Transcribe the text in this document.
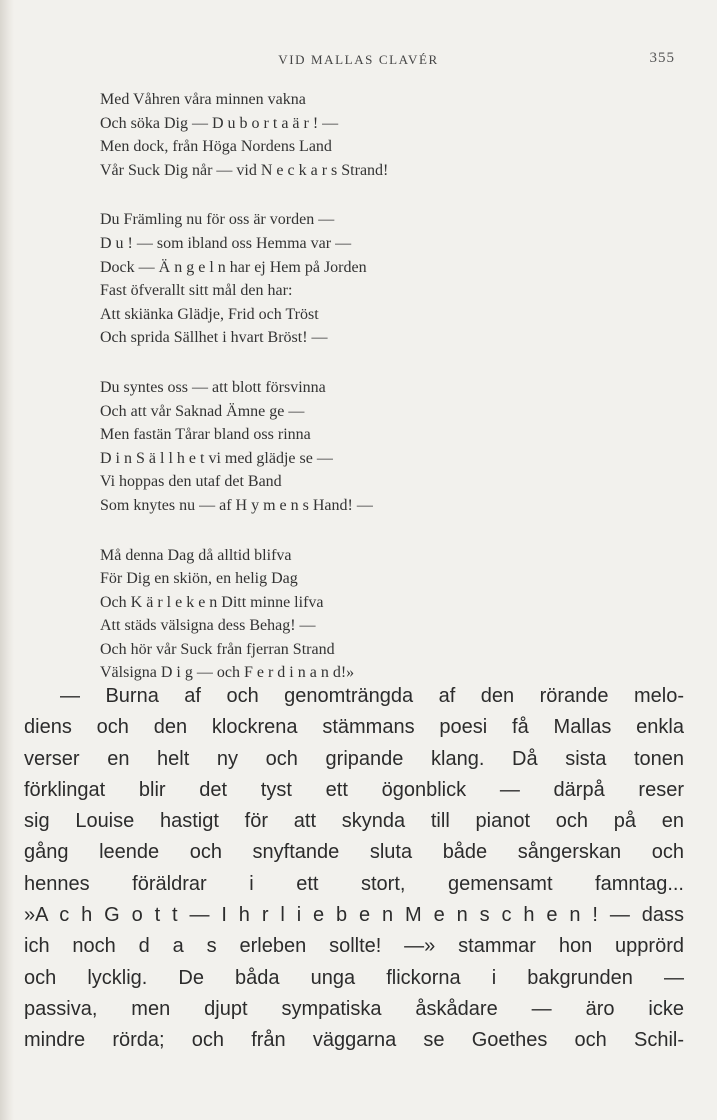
VID MALLAS CLAVÉR	355
Med Våhren våra minnen vakna
Och söka Dig — D u b o r t a ä r ! —
Men dock, från Höga Nordens Land
Vår Suck Dig når — vid N e c k a r s Strand!
Du Främling nu för oss är vorden —
D u ! — som ibland oss Hemma var —
Dock — Ä n g e l n har ej Hem på Jorden
Fast öfverallt sitt mål den har:
Att skiänka Glädje, Frid och Tröst
Och sprida Sällhet i hvart Bröst! —
Du syntes oss — att blott försvinna
Och att vår Saknad Ämne ge —
Men fastän Tårar bland oss rinna
D i n S ä l l h e t vi med glädje se —
Vi hoppas den utaf det Band
Som knytes nu — af H y m e n s Hand! —
Må denna Dag då alltid blifva
För Dig en skiön, en helig Dag
Och K ä r l e k e n Ditt minne lifva
Att städs välsigna dess Behag! —
Och hör vår Suck från fjerran Strand
Välsigna D i g — och F e r d i n a n d!»
— Burna af och genomträngda af den rörande melo-
diens och den klockrena stämmans poesi få Mallas enkla
verser en helt ny och gripande klang. Då sista tonen
förklingat blir det tyst ett ögonblick — därpå reser
sig Louise hastigt för att skynda till pianot och på en
gång leende och snyftande sluta både sångerskan och
hennes föräldrar i ett stort, gemensamt famntag...
»A c h G o t t — I h r l i e b e n M e n s c h e n ! — dass
ich noch d a s erleben sollte! —» stammar hon upprörd
och lycklig. De båda unga flickorna i bakgrunden —
passiva, men djupt sympatiska åskådare — äro icke
mindre rörda; och från väggarna se Goethes och Schil-
